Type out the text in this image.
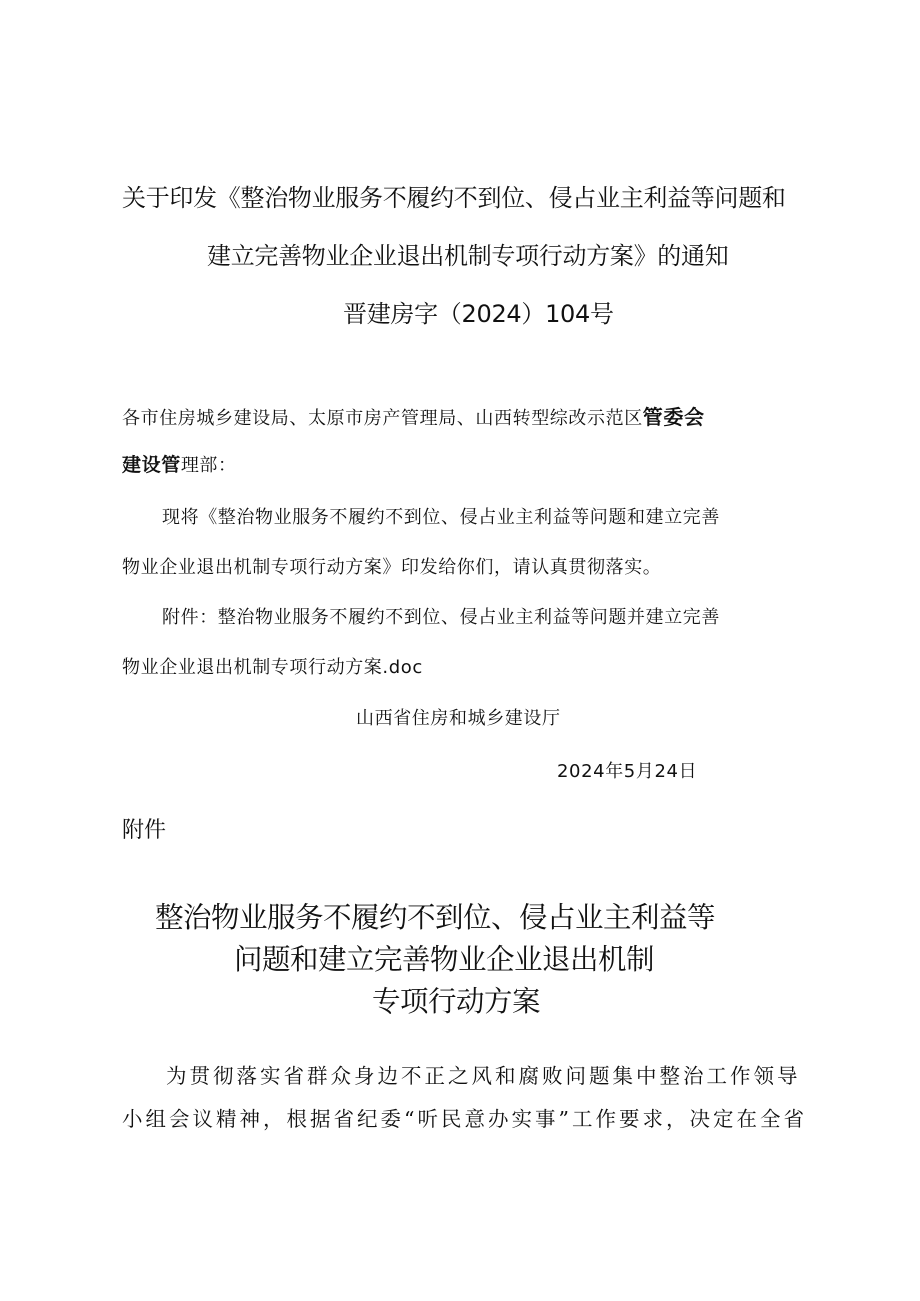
关于印发《整治物业服务不履约不到位、侵占业主利益等问题和
建立完善物业企业退出机制专项行动方案》的通知
晋建房字（2024）104号
各市住房城乡建设局、太原市房产管理局、山西转型综改示范区管委会
建设管理部：
现将《整治物业服务不履约不到位、侵占业主利益等问题和建立完善
物业企业退出机制专项行动方案》印发给你们，请认真贯彻落实。
附件：整治物业服务不履约不到位、侵占业主利益等问题并建立完善
物业企业退出机制专项行动方案.doc
山西省住房和城乡建设厅
2024年5月24日
附件
整治物业服务不履约不到位、侵占业主利益等
问题和建立完善物业企业退出机制
专项行动方案
为贯彻落实省群众身边不正之风和腐败问题集中整治工作领导
小组会议精神，根据省纪委“听民意办实事”工作要求，决定在全省
